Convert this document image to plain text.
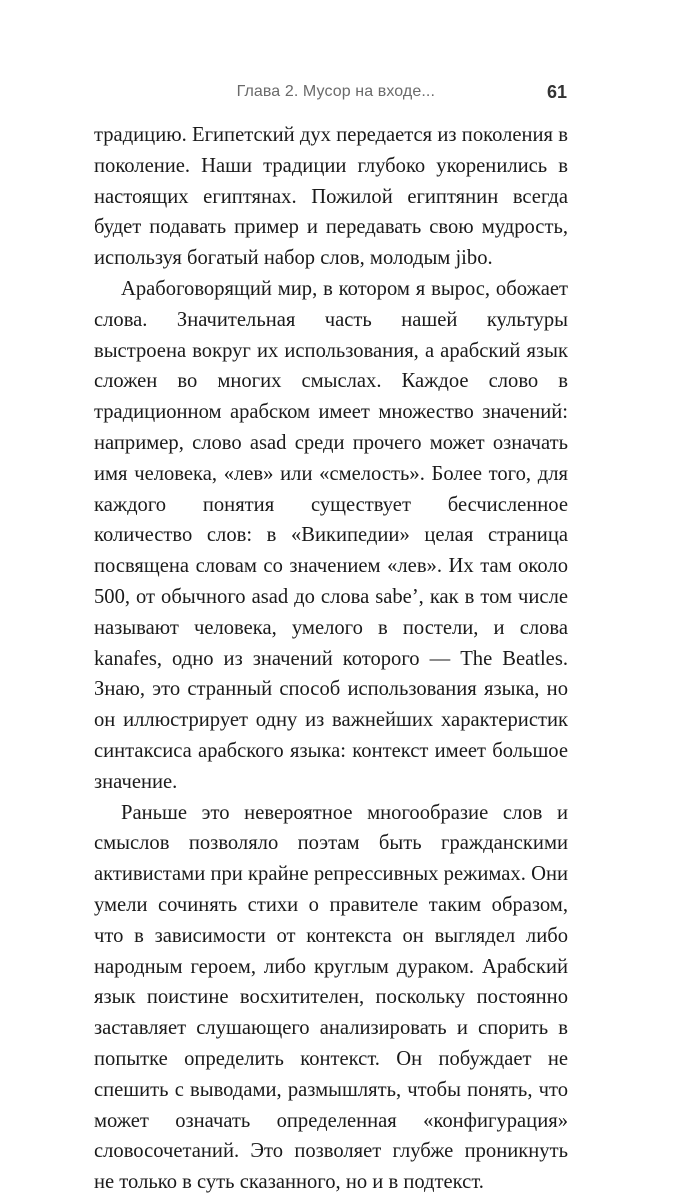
Глава 2. Мусор на входе...	61

традицию. Египетский дух передается из поколения в поколение. Наши традиции глубоко укоренились в настоящих египтянах. Пожилой египтянин всегда будет подавать пример и передавать свою мудрость, используя богатый набор слов, молодым jibo.

Арабоговорящий мир, в котором я вырос, обожает слова. Значительная часть нашей культуры выстроена вокруг их использования, а арабский язык сложен во многих смыслах. Каждое слово в традиционном арабском имеет множество значений: например, слово asad среди прочего может означать имя человека, «лев» или «смелость». Более того, для каждого понятия существует бесчисленное количество слов: в «Википедии» целая страница посвящена словам со значением «лев». Их там около 500, от обычного asad до слова sabe’, как в том числе называют человека, умелого в постели, и слова kanafes, одно из значений которого — The Beatles. Знаю, это странный способ использования языка, но он иллюстрирует одну из важнейших характеристик синтаксиса арабского языка: контекст имеет большое значение.

Раньше это невероятное многообразие слов и смыслов позволяло поэтам быть гражданскими активистами при крайне репрессивных режимах. Они умели сочинять стихи о правителе таким образом, что в зависимости от контекста он выглядел либо народным героем, либо круглым дураком. Арабский язык поистине восхитителен, поскольку постоянно заставляет слушающего анализировать и спорить в попытке определить контекст. Он побуждает не спешить с выводами, размышлять, чтобы понять, что может означать определенная «конфигурация» словосочетаний. Это позволяет глубже проникнуть не только в суть сказанного, но и в подтекст.
